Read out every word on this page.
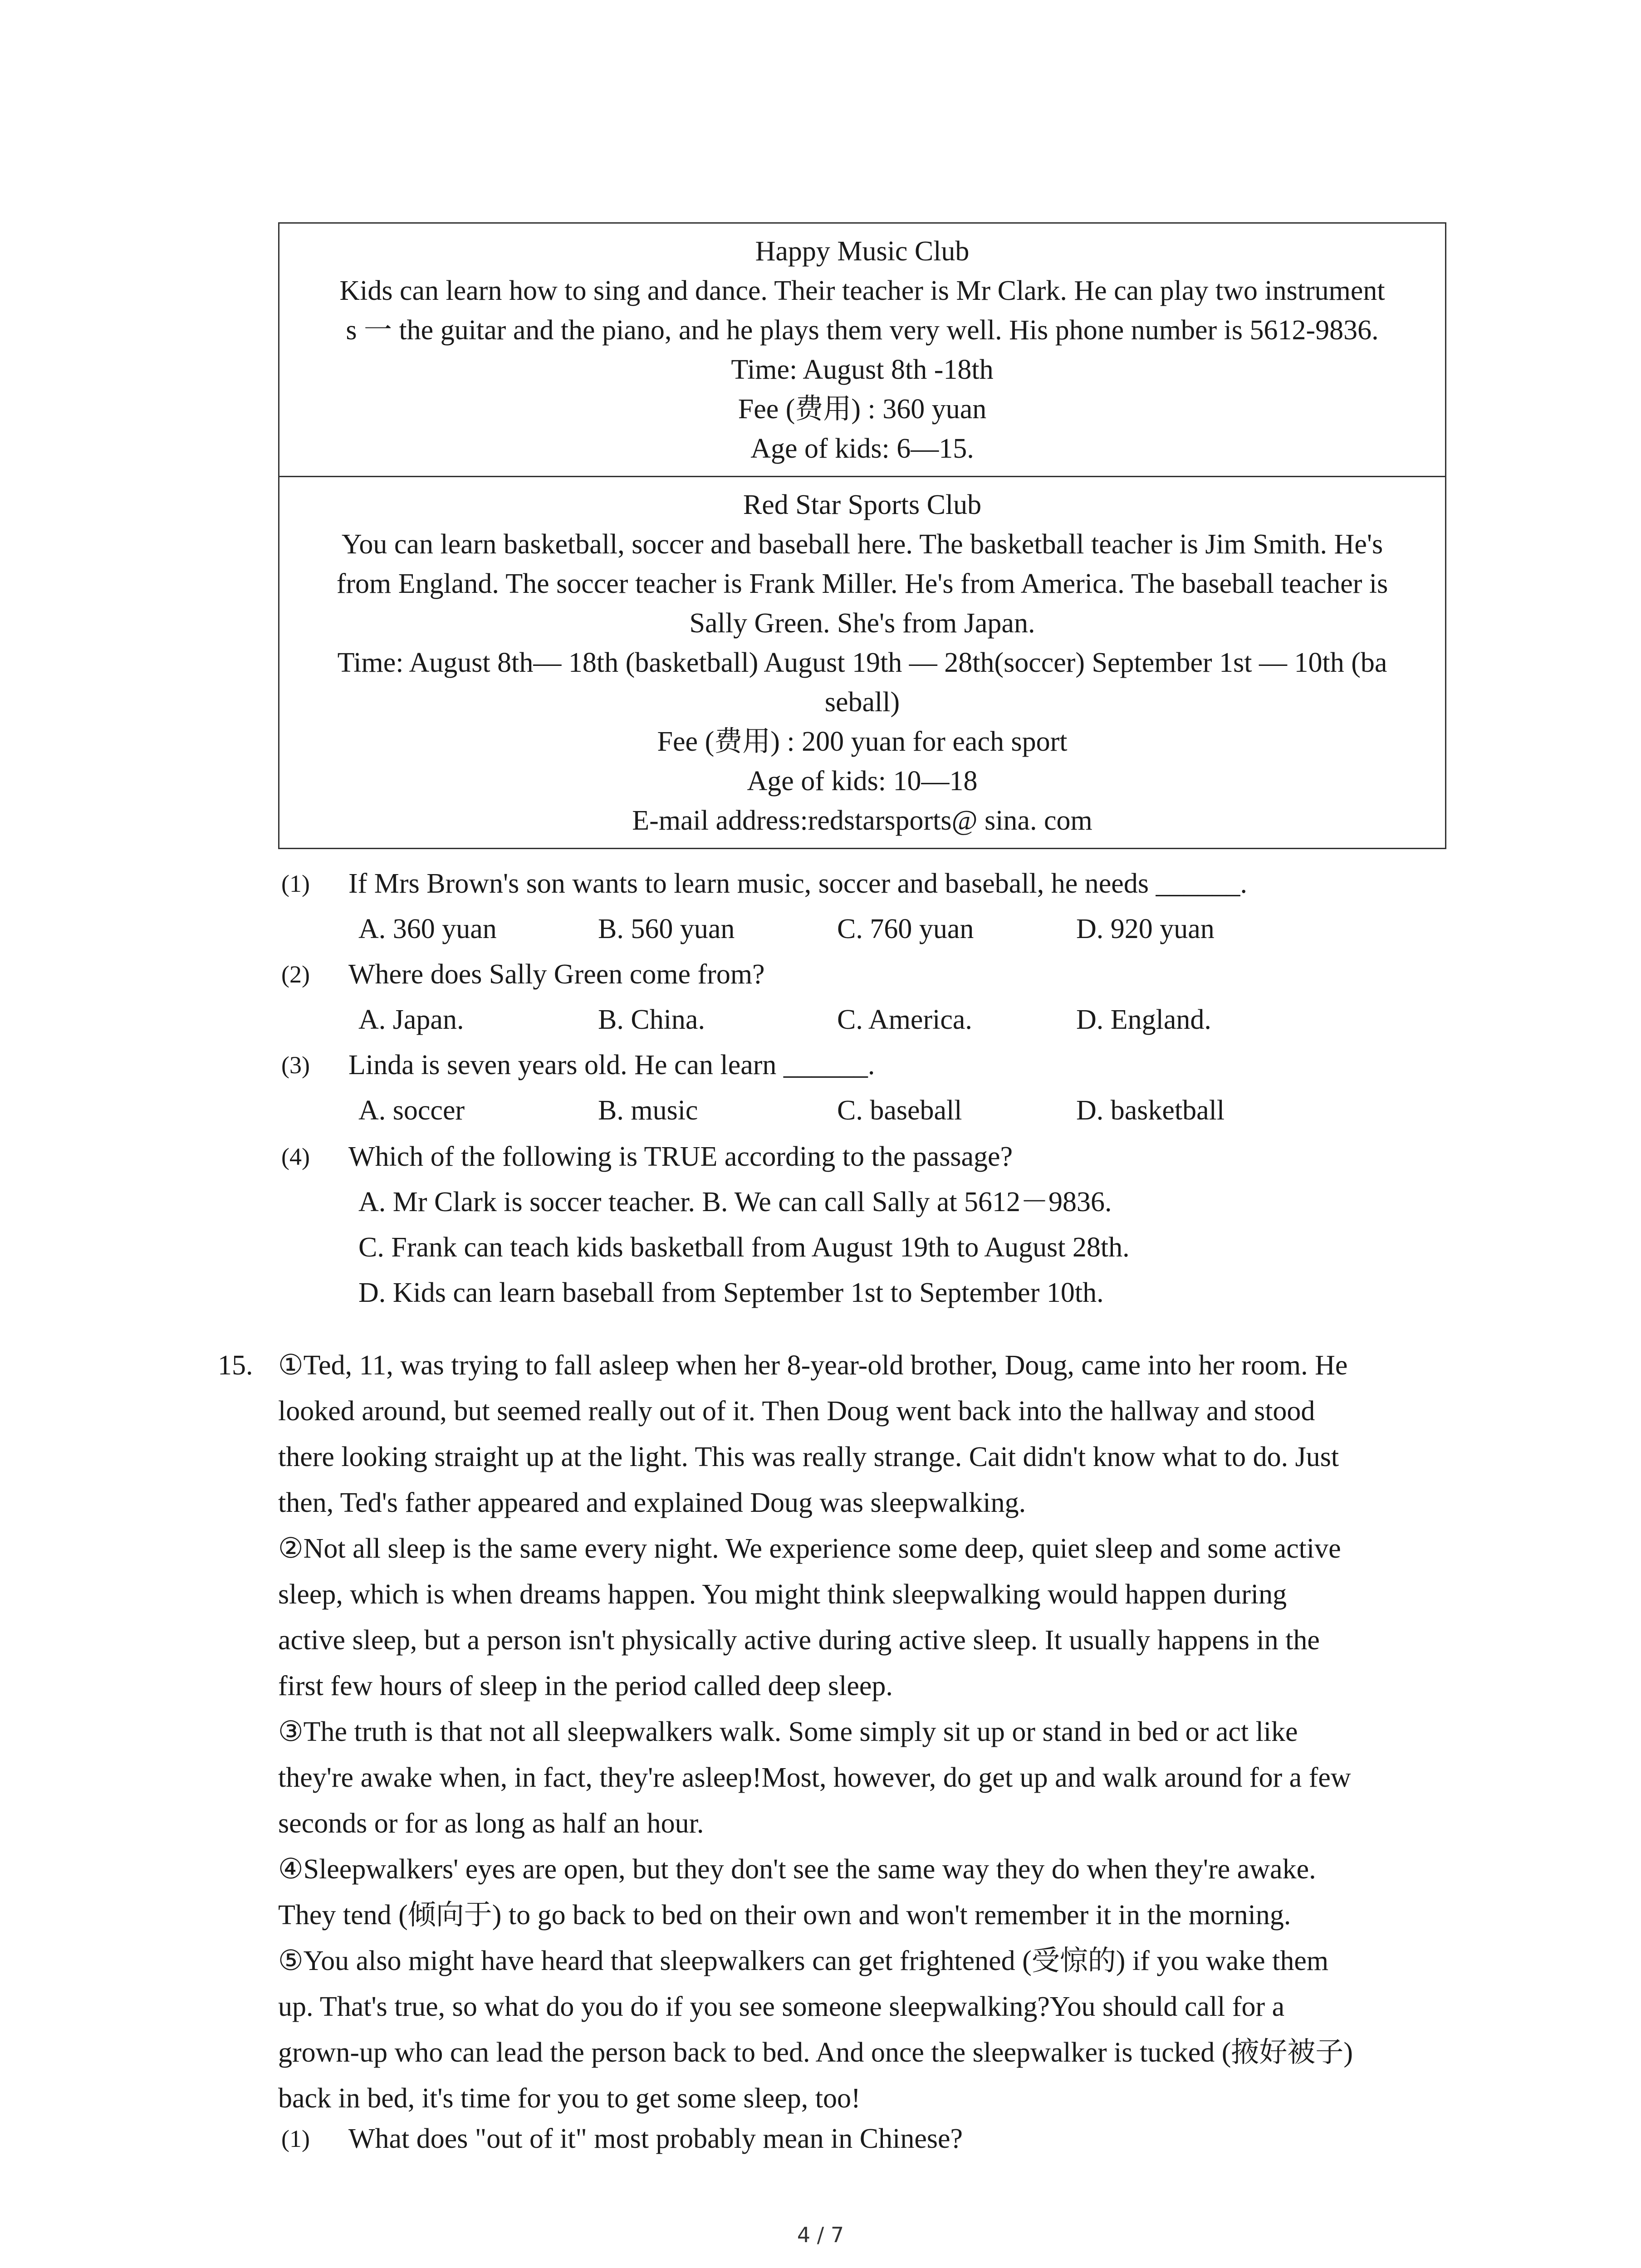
Happy Music Club
Kids can learn how to sing and dance. Their teacher is Mr Clark. He can play two instrument
s 一 the guitar and the piano, and he plays them very well. His phone number is 5612-9836.
Time: August 8th -18th
Fee (费用) : 360 yuan
Age of kids: 6—15.
Red Star Sports Club
You can learn basketball, soccer and baseball here. The basketball teacher is Jim Smith. He's
from England. The soccer teacher is Frank Miller. He's from America. The baseball teacher is
Sally Green. She's from Japan.
Time: August 8th— 18th (basketball) August 19th — 28th(soccer) September 1st — 10th (ba
seball)
Fee (费用) : 200 yuan for each sport
Age of kids: 10—18
E-mail address:redstarsports@ sina. com
(1) If Mrs Brown's son wants to learn music, soccer and baseball, he needs ______.
A. 360 yuan	B. 560 yuan	C. 760 yuan	D. 920 yuan
(2) Where does Sally Green come from?
A. Japan.	B. China.	C. America.	D. England.
(3) Linda is seven years old. He can learn ______.
A. soccer	B. music	C. baseball	D. basketball
(4) Which of the following is TRUE according to the passage?
A. Mr Clark is soccer teacher. B. We can call Sally at 5612－9836.
C. Frank can teach kids basketball from August 19th to August 28th.
D. Kids can learn baseball from September 1st to September 10th.
15. ①Ted, 11, was trying to fall asleep when her 8-year-old brother, Doug, came into her room. He
looked around, but seemed really out of it. Then Doug went back into the hallway and stood
there looking straight up at the light. This was really strange. Cait didn't know what to do. Just
then, Ted's father appeared and explained Doug was sleepwalking.
②Not all sleep is the same every night. We experience some deep, quiet sleep and some active
sleep, which is when dreams happen. You might think sleepwalking would happen during
active sleep, but a person isn't physically active during active sleep. It usually happens in the
first few hours of sleep in the period called deep sleep.
③The truth is that not all sleepwalkers walk. Some simply sit up or stand in bed or act like
they're awake when, in fact, they're asleep!Most, however, do get up and walk around for a few
seconds or for as long as half an hour.
④Sleepwalkers' eyes are open, but they don't see the same way they do when they're awake.
They tend (倾向于) to go back to bed on their own and won't remember it in the morning.
⑤You also might have heard that sleepwalkers can get frightened (受惊的) if you wake them
up. That's true, so what do you do if you see someone sleepwalking?You should call for a
grown-up who can lead the person back to bed. And once the sleepwalker is tucked (掖好被子)
back in bed, it's time for you to get some sleep, too!
(1) What does "out of it" most probably mean in Chinese?
4 / 7
